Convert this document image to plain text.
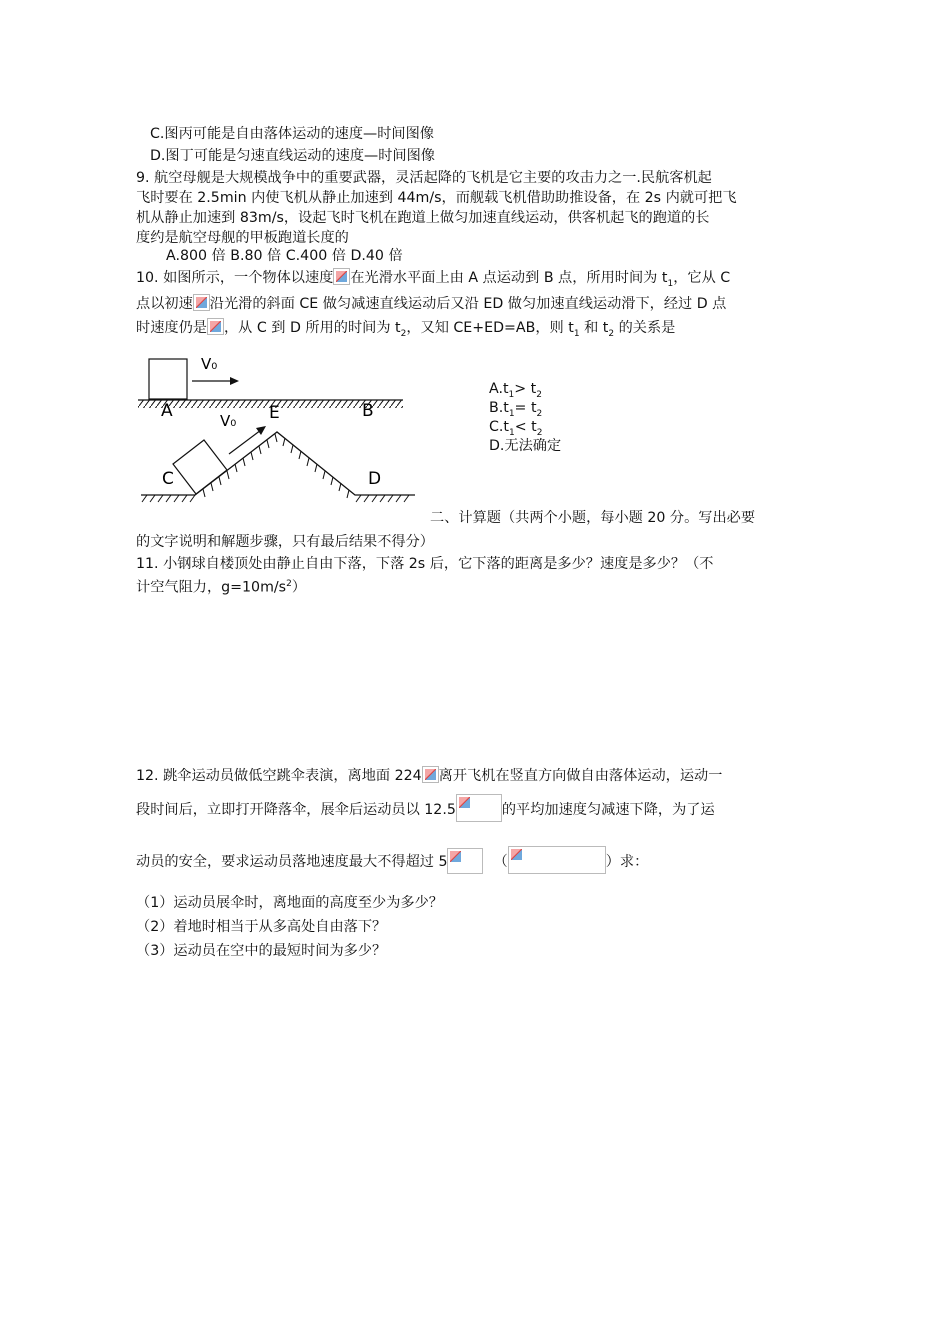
C.图丙可能是自由落体运动的速度—时间图像
D.图丁可能是匀速直线运动的速度—时间图像
9. 航空母舰是大规模战争中的重要武器，灵活起降的飞机是它主要的攻击力之一.民航客机起
飞时要在 2.5min 内使飞机从静止加速到 44m/s，而舰载飞机借助助推设备，在 2s 内就可把飞
机从静止加速到 83m/s，设起飞时飞机在跑道上做匀加速直线运动，供客机起飞的跑道的长
度约是航空母舰的甲板跑道长度的
A.800 倍 B.80 倍 C.400 倍 D.40 倍
10. 如图所示，一个物体以速度 在光滑水平面上由 A 点运动到 B 点，所用时间为 $t_1$，它从 C
点以初速 沿光滑的斜面 CE 做匀减速直线运动后又沿 ED 做匀加速直线运动滑下，经过 D 点
时速度仍是 ，从 C 到 D 所用的时间为 $t_2$，又知 CE+ED=AB，则 $t_1$ 和 $t_2$ 的关系是
V₀
A	E	B
V₀
C	D
$A.t_1> t_2$
$B.t_1= t_2$
$C.t_1< t_2$
D.无法确定
二、计算题（共两个小题，每小题 20 分。写出必要
的文字说明和解题步骤，只有最后结果不得分）
11. 小钢球自楼顶处由静止自由下落，下落 2s 后，它下落的距离是多少？速度是多少？（不
计空气阻力，$g=10m/s^2$）
12. 跳伞运动员做低空跳伞表演，离地面 224 离开飞机在竖直方向做自由落体运动，运动一
段时间后，立即打开降落伞，展伞后运动员以 12.5	的平均加速度匀减速下降，为了运
动员的安全，要求运动员落地速度最大不得超过 5	（	）求：
（1）运动员展伞时，离地面的高度至少为多少？
（2）着地时相当于从多高处自由落下？
（3）运动员在空中的最短时间为多少？
